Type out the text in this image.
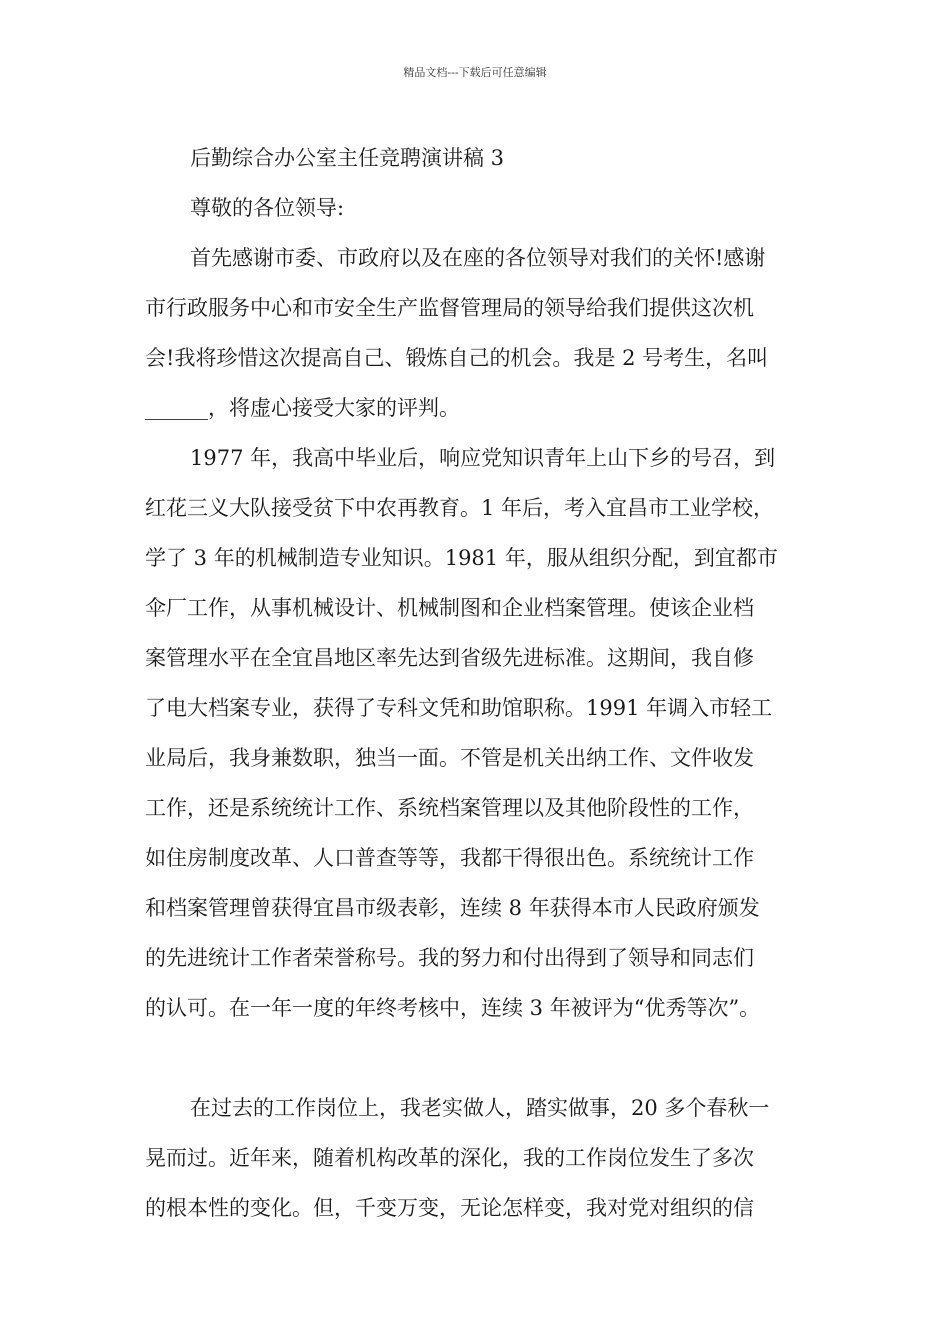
精品文档---下载后可任意编辑
后勤综合办公室主任竞聘演讲稿 3
尊敬的各位领导:
首先感谢市委、市政府以及在座的各位领导对我们的关怀!感谢
市行政服务中心和市安全生产监督管理局的领导给我们提供这次机
会!我将珍惜这次提高自己、锻炼自己的机会。我是 2 号考生，名叫
______，将虚心接受大家的评判。
1977 年，我高中毕业后，响应党知识青年上山下乡的号召，到
红花三义大队接受贫下中农再教育。1 年后，考入宜昌市工业学校，
学了 3 年的机械制造专业知识。1981 年，服从组织分配，到宜都市
伞厂工作，从事机械设计、机械制图和企业档案管理。使该企业档
案管理水平在全宜昌地区率先达到省级先进标准。这期间，我自修
了电大档案专业，获得了专科文凭和助馆职称。1991 年调入市轻工
业局后，我身兼数职，独当一面。不管是机关出纳工作、文件收发
工作，还是系统统计工作、系统档案管理以及其他阶段性的工作，
如住房制度改革、人口普查等等，我都干得很出色。系统统计工作
和档案管理曾获得宜昌市级表彰，连续 8 年获得本市人民政府颁发
的先进统计工作者荣誉称号。我的努力和付出得到了领导和同志们
的认可。在一年一度的年终考核中，连续 3 年被评为“优秀等次”。
在过去的工作岗位上，我老实做人，踏实做事，20 多个春秋一
晃而过。近年来，随着机构改革的深化，我的工作岗位发生了多次
的根本性的变化。但，千变万变，无论怎样变，我对党对组织的信
